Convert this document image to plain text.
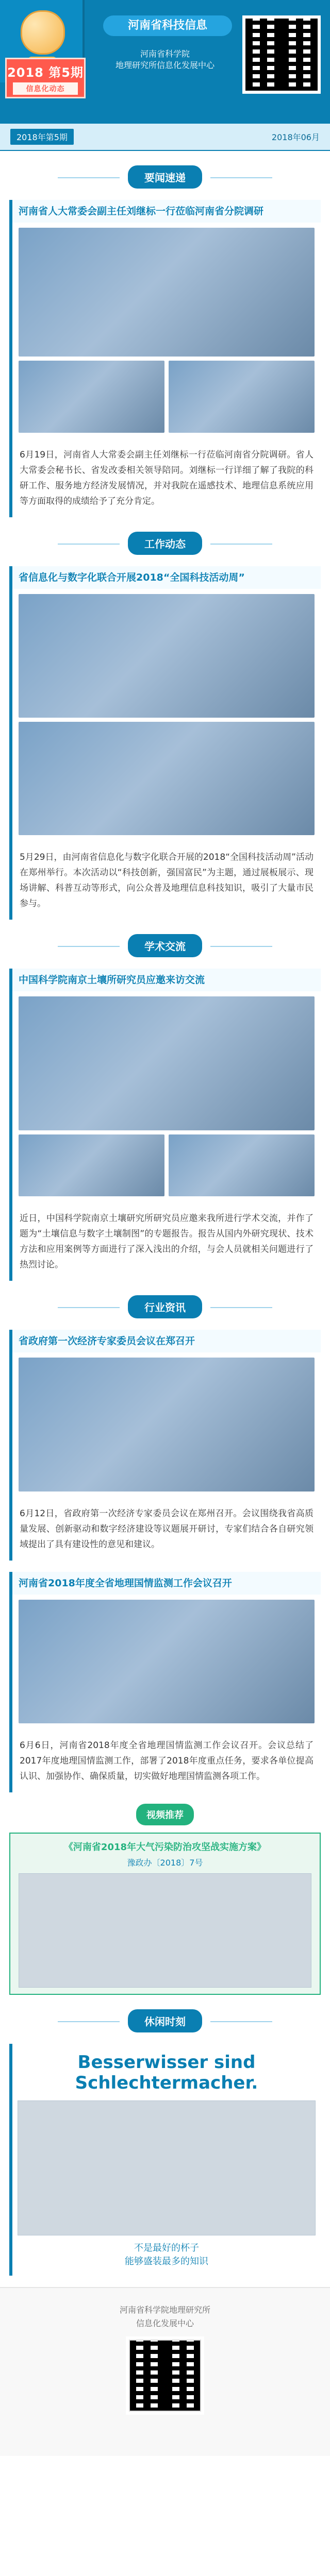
2018 第5期
信息化动态
河南省科技信息
河南省科学院
地理研究所信息化发展中心
2018年第5期	2018年06月
要闻速递
河南省人大常委会副主任刘继标一行莅临河南省分院调研
6月19日，河南省人大常委会副主任刘继标一行莅临河南省分院调研。省人大常委会秘书长、省发改委相关领导陪同。刘继标一行详细了解了我院的科研工作、服务地方经济发展情况，并对我院在遥感技术、地理信息系统应用等方面取得的成绩给予了充分肯定。
工作动态
省信息化与数字化联合开展2018“全国科技活动周”
5月29日，由河南省信息化与数字化联合开展的2018“全国科技活动周”活动在郑州举行。本次活动以“科技创新，强国富民”为主题，通过展板展示、现场讲解、科普互动等形式，向公众普及地理信息科技知识，吸引了大量市民参与。
学术交流
中国科学院南京土壤所研究员应邀来访交流
近日，中国科学院南京土壤研究所研究员应邀来我所进行学术交流，并作了题为“土壤信息与数字土壤制图”的专题报告。报告从国内外研究现状、技术方法和应用案例等方面进行了深入浅出的介绍，与会人员就相关问题进行了热烈讨论。
行业资讯
省政府第一次经济专家委员会议在郑召开
6月12日，省政府第一次经济专家委员会议在郑州召开。会议围绕我省高质量发展、创新驱动和数字经济建设等议题展开研讨，专家们结合各自研究领域提出了具有建设性的意见和建议。
河南省2018年度全省地理国情监测工作会议召开
6月6日，河南省2018年度全省地理国情监测工作会议召开。会议总结了2017年度地理国情监测工作，部署了2018年度重点任务，要求各单位提高认识、加强协作、确保质量，切实做好地理国情监测各项工作。
视频推荐
《河南省2018年大气污染防治攻坚战实施方案》
豫政办〔2018〕7号
休闲时刻
Besserwisser sind
Schlechtermacher.
不是最好的杯子
能够盛装最多的知识
河南省科学院地理研究所
信息化发展中心
